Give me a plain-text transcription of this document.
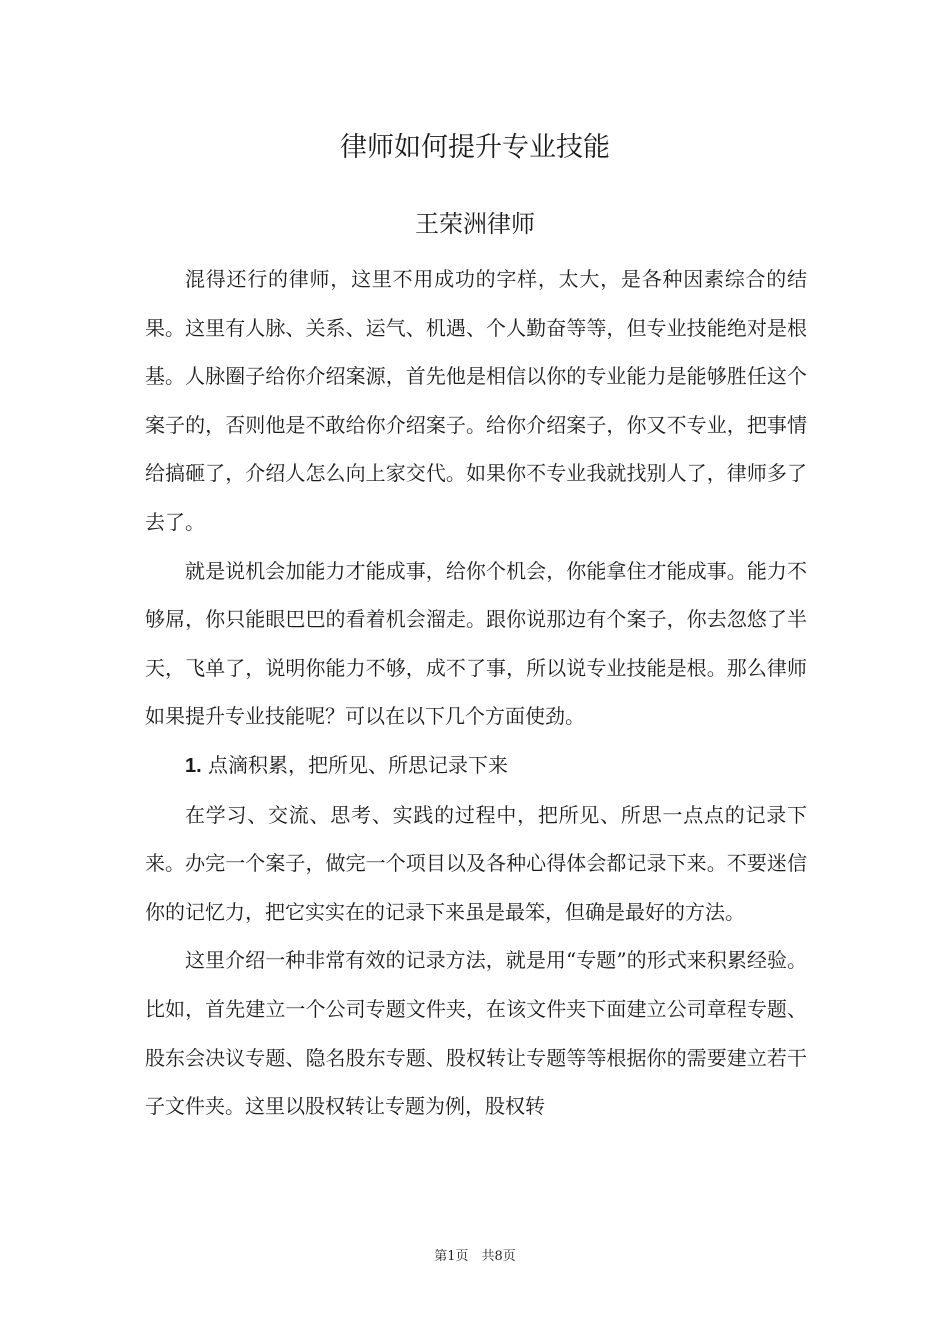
律师如何提升专业技能
王荣洲律师

混得还行的律师，这里不用成功的字样，太大，是各种因素综合的结果。这里有人脉、关系、运气、机遇、个人勤奋等等，但专业技能绝对是根基。人脉圈子给你介绍案源，首先他是相信以你的专业能力是能够胜任这个案子的，否则他是不敢给你介绍案子。给你介绍案子，你又不专业，把事情给搞砸了，介绍人怎么向上家交代。如果你不专业我就找别人了，律师多了去了。

就是说机会加能力才能成事，给你个机会，你能拿住才能成事。能力不够屌，你只能眼巴巴的看着机会溜走。跟你说那边有个案子，你去忽悠了半天，飞单了，说明你能力不够，成不了事，所以说专业技能是根。那么律师如果提升专业技能呢？可以在以下几个方面使劲。

1. 点滴积累，把所见、所思记录下来

在学习、交流、思考、实践的过程中，把所见、所思一点点的记录下来。办完一个案子，做完一个项目以及各种心得体会都记录下来。不要迷信你的记忆力，把它实实在的记录下来虽是最笨，但确是最好的方法。

这里介绍一种非常有效的记录方法，就是用“专题”的形式来积累经验。比如，首先建立一个公司专题文件夹，在该文件夹下面建立公司章程专题、股东会决议专题、隐名股东专题、股权转让专题等等根据你的需要建立若干子文件夹。这里以股权转让专题为例，股权转

第1页　共8页
